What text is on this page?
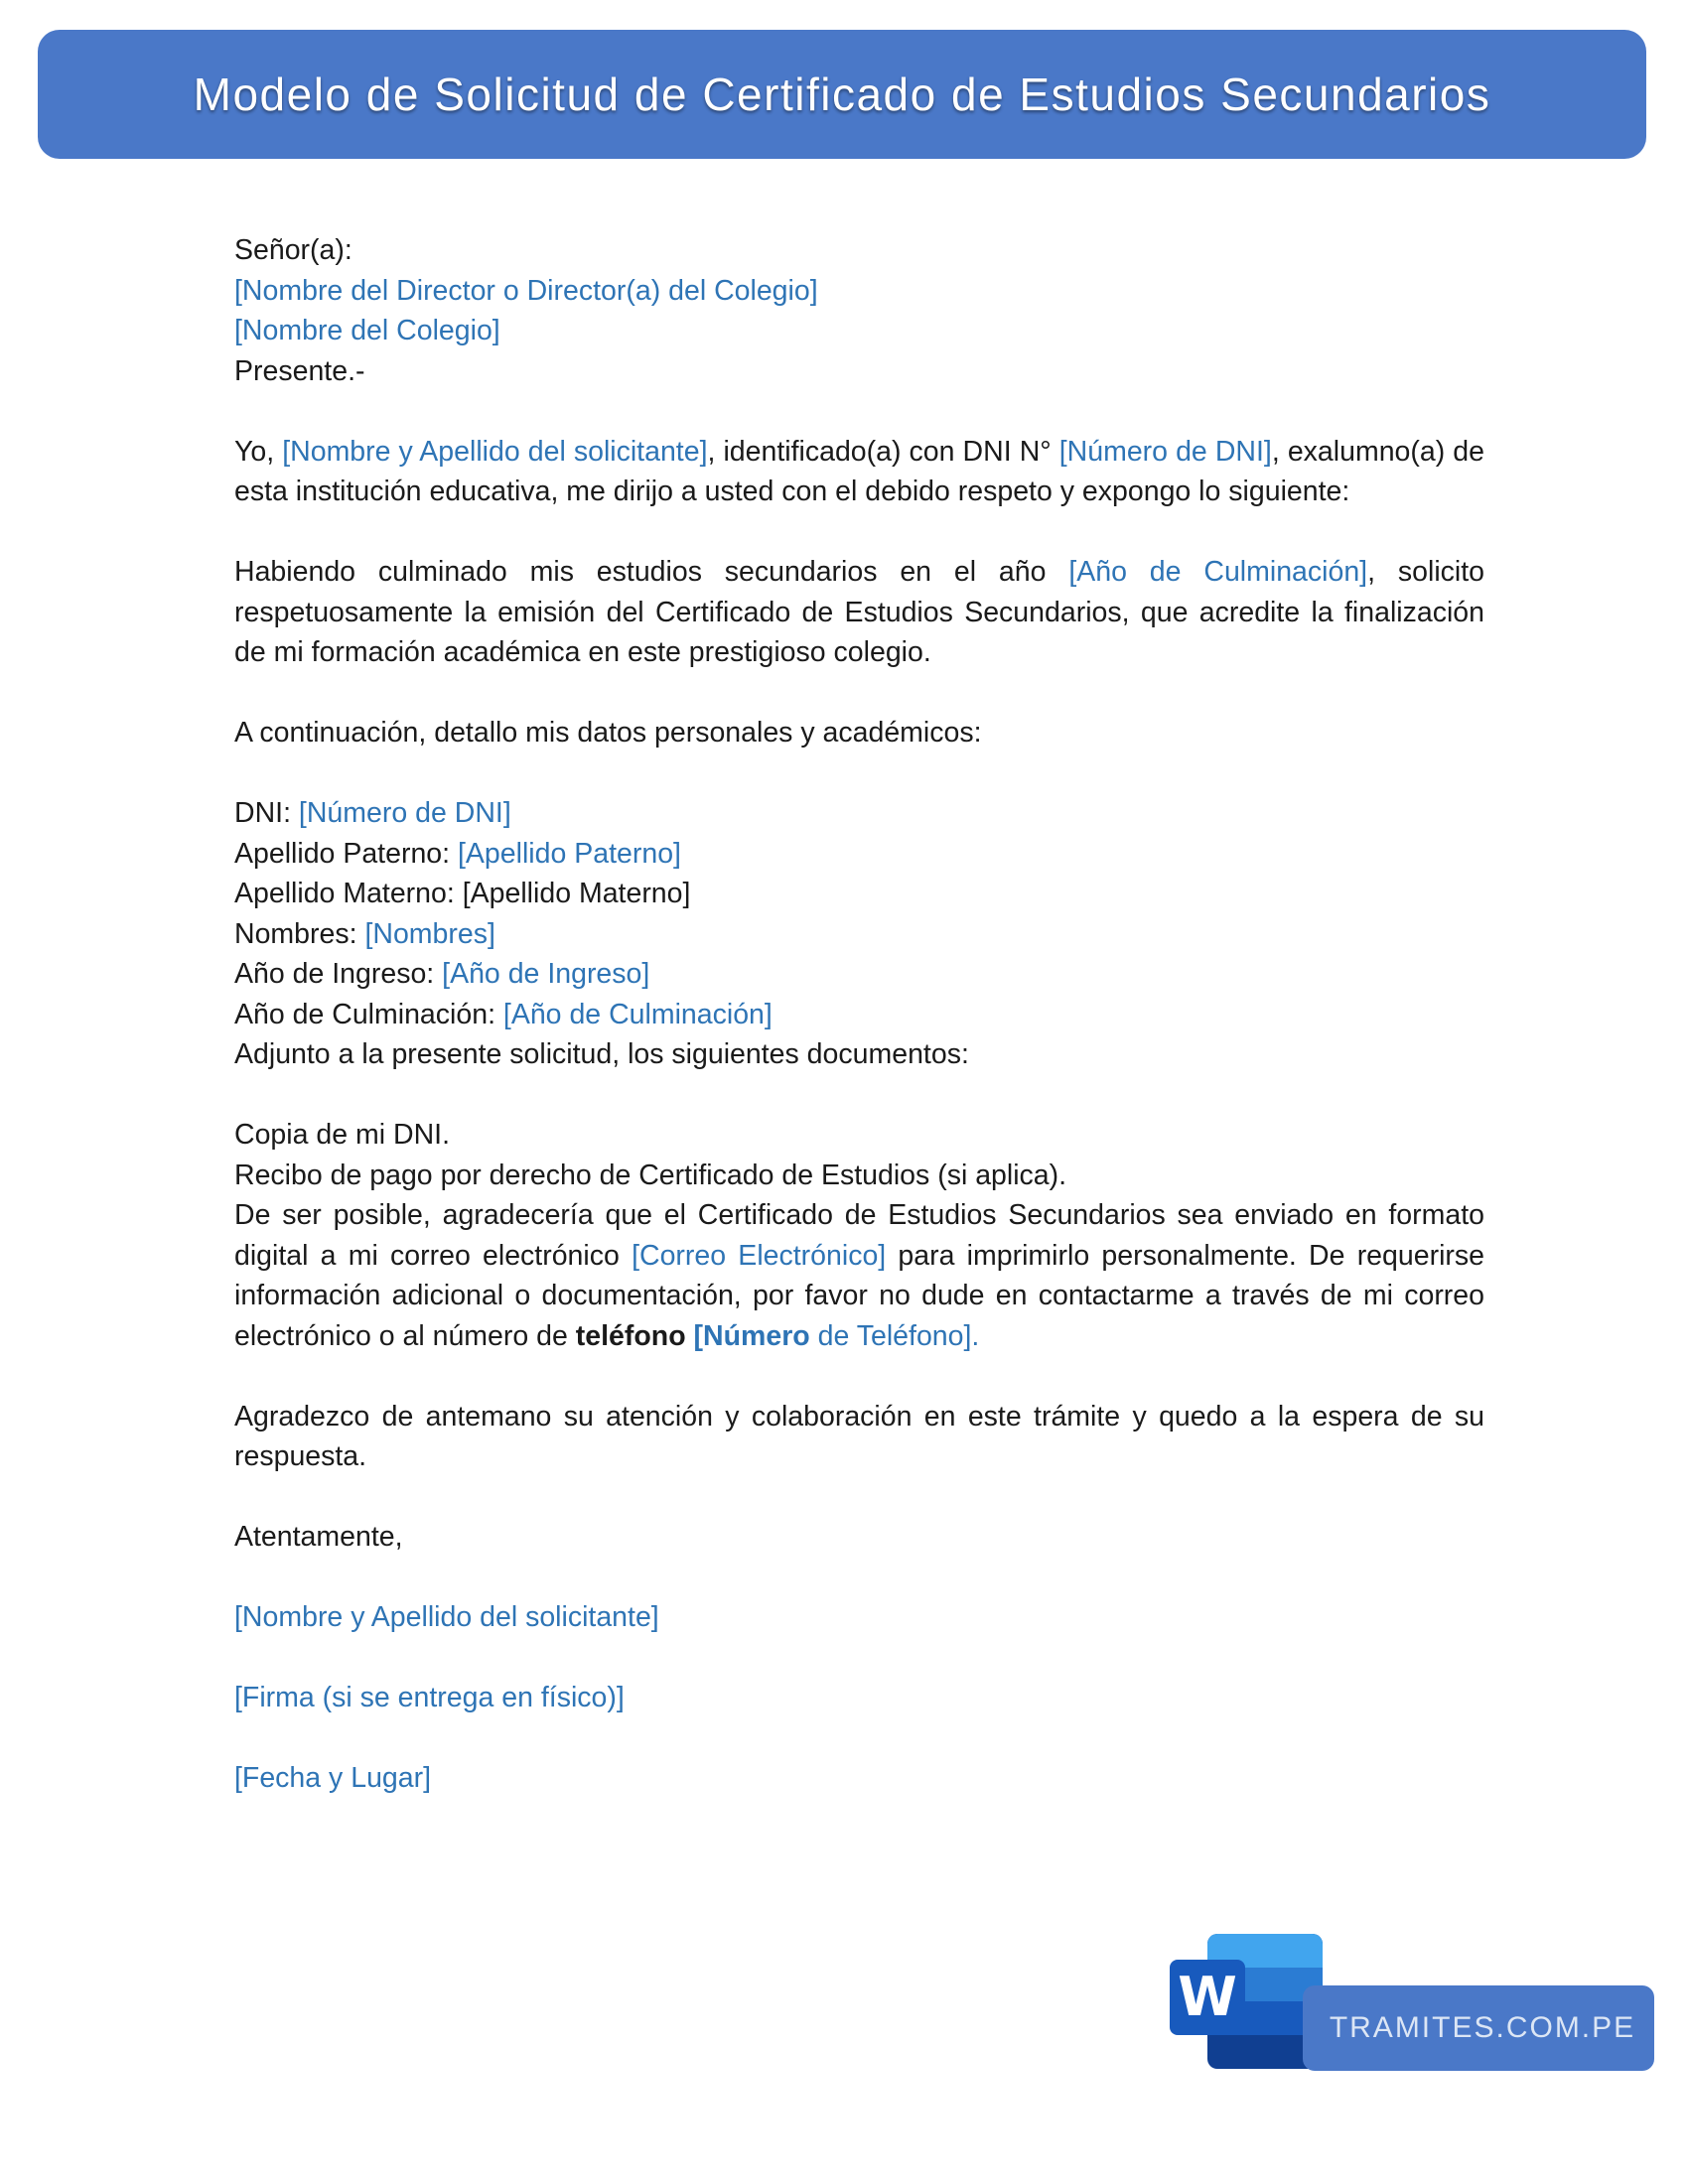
Modelo de Solicitud de Certificado de Estudios Secundarios

Señor(a):

[Nombre del Director o Director(a) del Colegio]

[Nombre del Colegio]

Presente.-

Yo, [Nombre y Apellido del solicitante], identificado(a) con DNI N° [Número de DNI], exalumno(a) de esta institución educativa, me dirijo a usted con el debido respeto y expongo lo siguiente:

Habiendo culminado mis estudios secundarios en el año [Año de Culminación], solicito respetuosamente la emisión del Certificado de Estudios Secundarios, que acredite la finalización de mi formación académica en este prestigioso colegio.

A continuación, detallo mis datos personales y académicos:

DNI: [Número de DNI]

Apellido Paterno: [Apellido Paterno]

Apellido Materno: [Apellido Materno]

Nombres: [Nombres]

Año de Ingreso: [Año de Ingreso]

Año de Culminación: [Año de Culminación]

Adjunto a la presente solicitud, los siguientes documentos:

Copia de mi DNI.

Recibo de pago por derecho de Certificado de Estudios (si aplica).

De ser posible, agradecería que el Certificado de Estudios Secundarios sea enviado en formato digital a mi correo electrónico [Correo Electrónico] para imprimirlo personalmente. De requerirse información adicional o documentación, por favor no dude en contactarme a través de mi correo electrónico o al número de teléfono [Número de Teléfono].

Agradezco de antemano su atención y colaboración en este trámite y quedo a la espera de su respuesta.

Atentamente,

[Nombre y Apellido del solicitante]

[Firma (si se entrega en físico)]

[Fecha y Lugar]

W	TRAMITES.COM.PE
